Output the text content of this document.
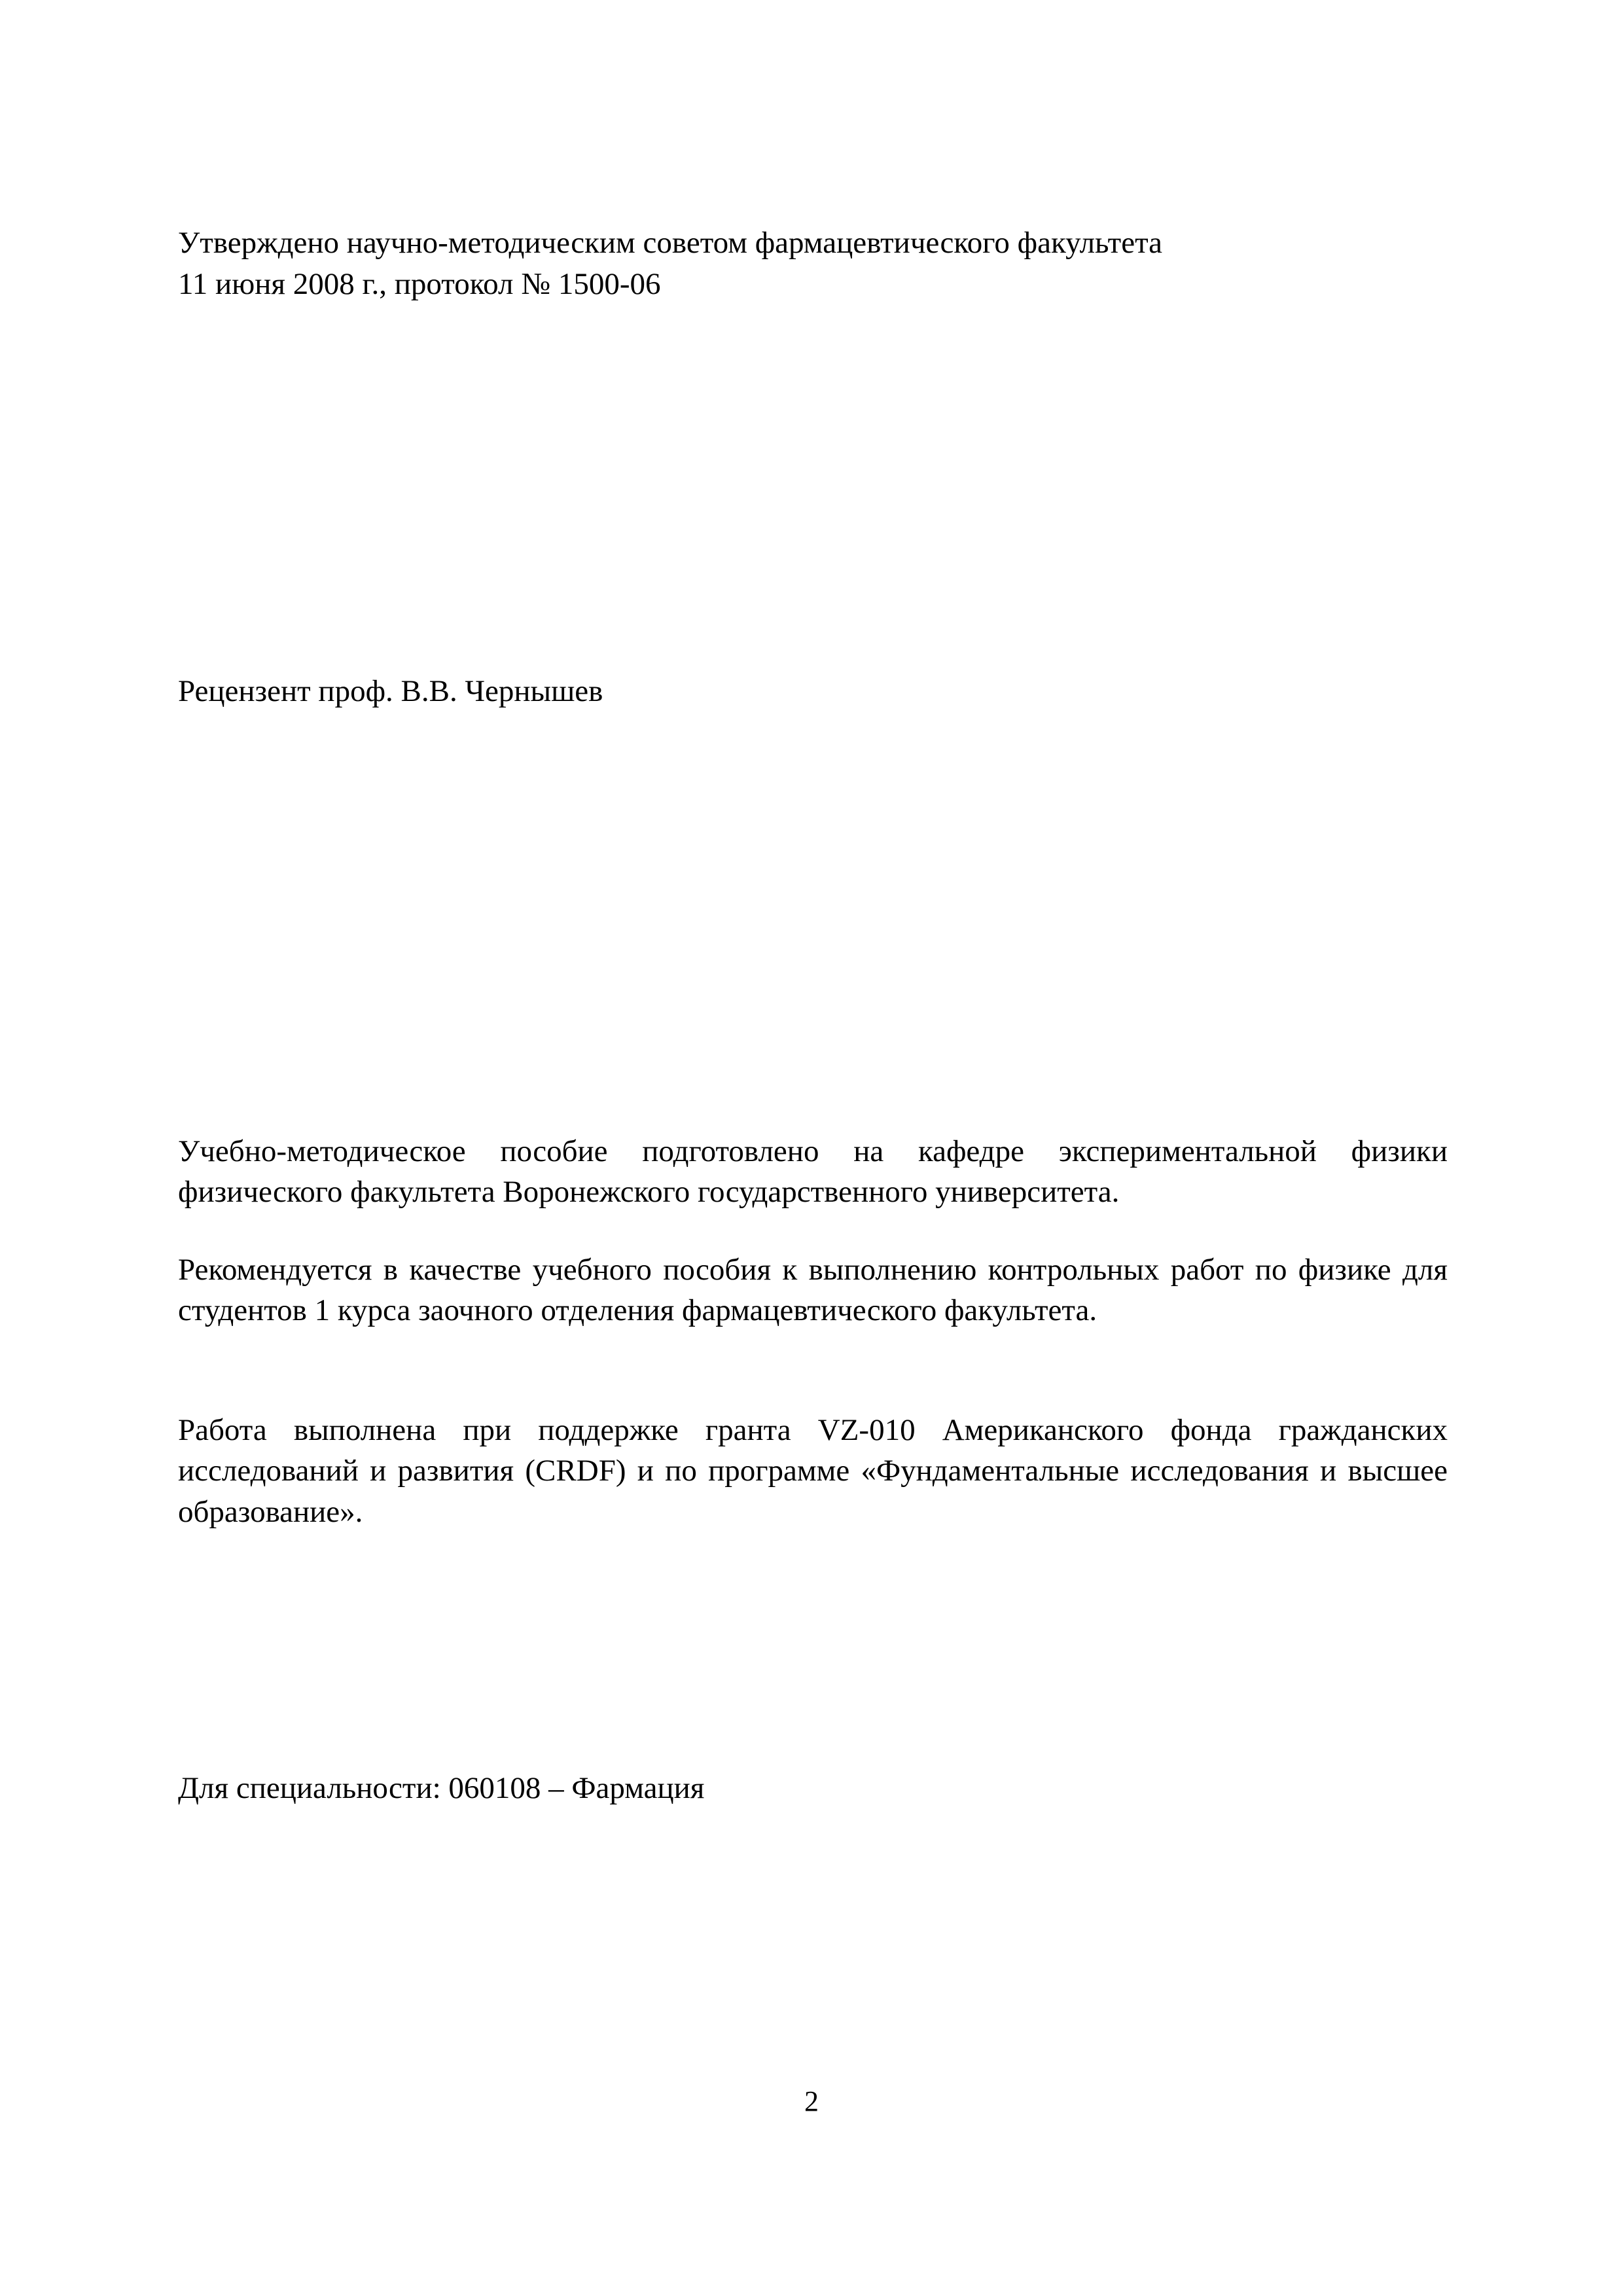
Утверждено научно-методическим советом фармацевтического факультета
11 июня 2008 г., протокол № 1500-06
Рецензент проф. В.В. Чернышев
Учебно-методическое пособие подготовлено на кафедре экспериментальной физики физического факультета Воронежского государственного университета.
Рекомендуется в качестве учебного пособия к выполнению контрольных работ по физике для студентов 1 курса заочного отделения фармацевтического факультета.
Работа выполнена при поддержке гранта VZ-010 Американского фонда гражданских исследований и развития (CRDF) и по программе «Фундаментальные исследования и высшее образование».
Для специальности: 060108 – Фармация
2
